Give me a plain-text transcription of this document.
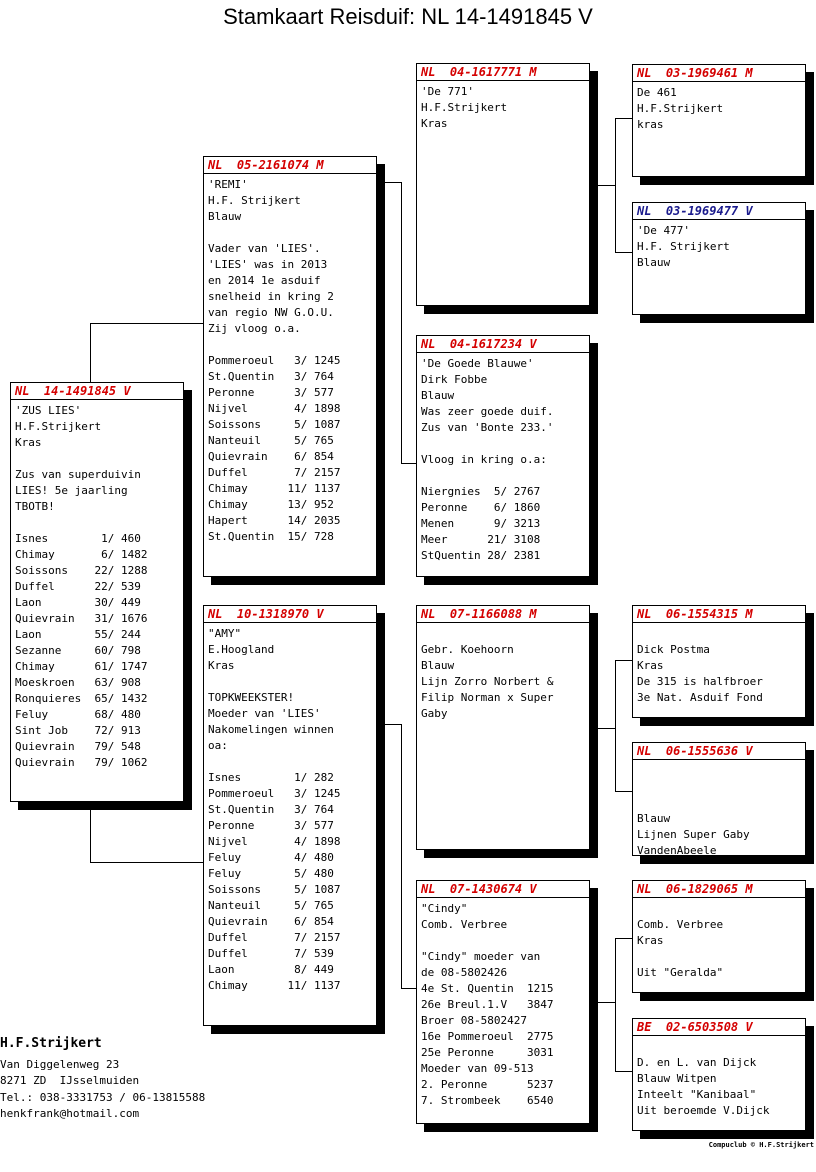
Stamkaart Reisduif: NL 14-1491845 V
NL  14-1491845 V
'ZUS LIES'
H.F.Strijkert
Kras
Zus van superduivin
LIES! 5e jaarling
TBOTB!
Isnes        1/ 460
Chimay       6/ 1482
Soissons    22/ 1288
Duffel      22/ 539
Laon        30/ 449
Quievrain   31/ 1676
Laon        55/ 244
Sezanne     60/ 798
Chimay      61/ 1747
Moeskroen   63/ 908
Ronquieres  65/ 1432
Feluy       68/ 480
Sint Job    72/ 913
Quievrain   79/ 548
Quievrain   79/ 1062
NL  05-2161074 M
'REMI'
H.F. Strijkert
Blauw
Vader van 'LIES'.
'LIES' was in 2013
en 2014 1e asduif
snelheid in kring 2
van regio NW G.O.U.
Zij vloog o.a.
Pommeroeul   3/ 1245
St.Quentin   3/ 764
Peronne      3/ 577
Nijvel       4/ 1898
Soissons     5/ 1087
Nanteuil     5/ 765
Quievrain    6/ 854
Duffel       7/ 2157
Chimay      11/ 1137
Chimay      13/ 952
Hapert      14/ 2035
St.Quentin  15/ 728
NL  10-1318970 V
"AMY"
E.Hoogland
Kras
TOPKWEEKSTER!
Moeder van 'LIES'
Nakomelingen winnen
oa:
Isnes        1/ 282
Pommeroeul   3/ 1245
St.Quentin   3/ 764
Peronne      3/ 577
Nijvel       4/ 1898
Feluy        4/ 480
Feluy        5/ 480
Soissons     5/ 1087
Nanteuil     5/ 765
Quievrain    6/ 854
Duffel       7/ 2157
Duffel       7/ 539
Laon         8/ 449
Chimay      11/ 1137
NL  04-1617771 M
'De 771'
H.F.Strijkert
Kras
NL  04-1617234 V
'De Goede Blauwe'
Dirk Fobbe
Blauw
Was zeer goede duif.
Zus van 'Bonte 233.'
Vloog in kring o.a:
Niergnies  5/ 2767
Peronne    6/ 1860
Menen      9/ 3213
Meer      21/ 3108
StQuentin 28/ 2381
NL  07-1166088 M
Gebr. Koehoorn
Blauw
Lijn Zorro Norbert &
Filip Norman x Super
Gaby
NL  07-1430674 V
"Cindy"
Comb. Verbree
"Cindy" moeder van
de 08-5802426
4e St. Quentin  1215
26e Breul.1.V   3847
Broer 08-5802427
16e Pommeroeul  2775
25e Peronne     3031
Moeder van 09-513
2. Peronne      5237
7. Strombeek    6540
NL  03-1969461 M
De 461
H.F.Strijkert
kras
NL  03-1969477 V
'De 477'
H.F. Strijkert
Blauw
NL  06-1554315 M
Dick Postma
Kras
De 315 is halfbroer
3e Nat. Asduif Fond
NL  06-1555636 V
Blauw
Lijnen Super Gaby
VandenAbeele
NL  06-1829065 M
Comb. Verbree
Kras
Uit "Geralda"
BE  02-6503508 V
D. en L. van Dijck
Blauw Witpen
Inteelt "Kanibaal"
Uit beroemde V.Dijck
H.F.Strijkert
Van Diggelenweg 23
8271 ZD  IJsselmuiden
Tel.: 038-3331753 / 06-13815588
henkfrank@hotmail.com
Compuclub © H.F.Strijkert
